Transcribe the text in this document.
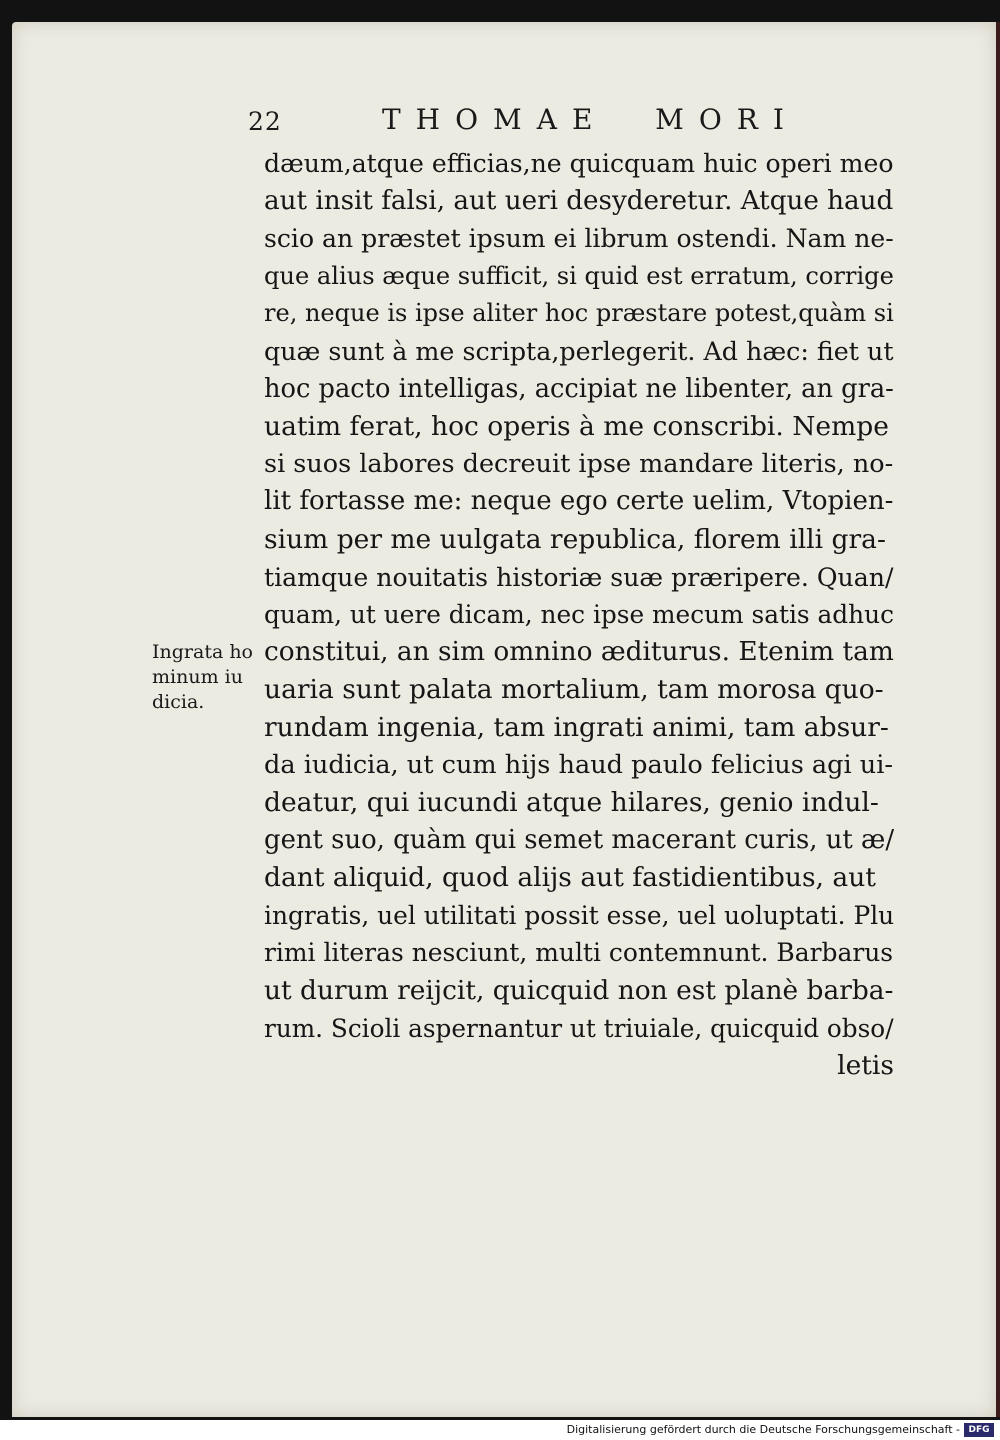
22	THOMAE  MORI
Ingrata ho
minum iu
dicia.
dæum,atque efficias,ne quicquam huic operi meo
aut insit falsi, aut ueri desyderetur. Atque haud
scio an præstet ipsum ei librum ostendi. Nam ne-
que alius æque sufficit, si quid est erratum, corrige
re, neque is ipse aliter hoc præstare potest,quàm si
quæ sunt à me scripta,perlegerit. Ad hæc: fiet ut
hoc pacto intelligas, accipiat ne libenter, an gra-
uatim ferat, hoc operis à me conscribi. Nempe
si suos labores decreuit ipse mandare literis, no-
lit fortasse me: neque ego certe uelim, Vtopien-
sium per me uulgata republica, florem illi gra-
tiamque nouitatis historiæ suæ præripere. Quan/
quam, ut uere dicam, nec ipse mecum satis adhuc
constitui, an sim omnino æditurus. Etenim tam
uaria sunt palata mortalium, tam morosa quo-
rundam ingenia, tam ingrati animi, tam absur-
da iudicia, ut cum hijs haud paulo felicius agi ui-
deatur, qui iucundi atque hilares, genio indul-
gent suo, quàm qui semet macerant curis, ut æ/
dant aliquid, quod alijs aut fastidientibus, aut
ingratis, uel utilitati possit esse, uel uoluptati. Plu
rimi literas nesciunt, multi contemnunt. Barbarus
ut durum reijcit, quicquid non est planè barba-
rum. Scioli aspernantur ut triuiale, quicquid obso/
letis
Digitalisierung gefördert durch die Deutsche Forschungsgemeinschaft - DFG
